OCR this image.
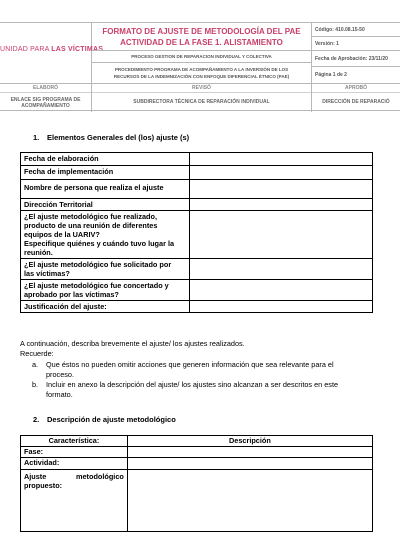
UNIDAD PARA LAS VÍCTIMAS
FORMATO DE AJUSTE DE METODOLOGÍA DEL PAE
ACTIVIDAD DE LA FASE 1. ALISTAMIENTO
PROCESO GESTION DE REPARACION INDIVIDUAL Y COLECTIVA
PROCEDIMIENTO PROGRAMA DE ACOMPAÑAMIENTO A LA INVERSIÓN DE LOS
RECURSOS DE LA INDEMNIZACIÓN CON ENFOQUE DIFERENCIAL ÉTNICO (PAE)
Código: 410.08.15-50
Versión: 1
Fecha de Aprobación: 23/11/20
Página 1 de 2
ELABORÓ
ENLACE SIG PROGRAMA DE
ACOMPAÑAMIENTO
REVISÓ
SUBDIRECTORA TÉCNICA DE REPARACIÓN INDIVIDUAL
APROBÓ
DIRECCIÓN DE REPARACIÓ
1. Elementos Generales del (los) ajuste (s)
Fecha de elaboración	
Fecha de implementación	
Nombre de persona que realiza el ajuste	
Dirección Territorial	

¿El ajuste metodológico fue realizado,
producto de una reunión de diferentes
equipos de la UARIV?
Especifique quiénes y cuándo tuvo lugar la
reunión.	

¿El ajuste metodológico fue solicitado por
las víctimas?	

¿El ajuste metodológico fue concertado y
aprobado por las víctimas?	

Justificación del ajuste:	
A continuación, describa brevemente el ajuste/ los ajustes realizados.
Recuerde:
a. Que éstos no pueden omitir acciones que generen información que sea relevante para el
proceso.
b. Incluir en anexo la descripción del ajuste/ los ajustes sino alcanzan a ser descritos en este
formato.
2. Descripción de ajuste metodológico
Característica:	Descripción
Fase:	
Actividad:	

Ajuste metodológico
propuesto:	
